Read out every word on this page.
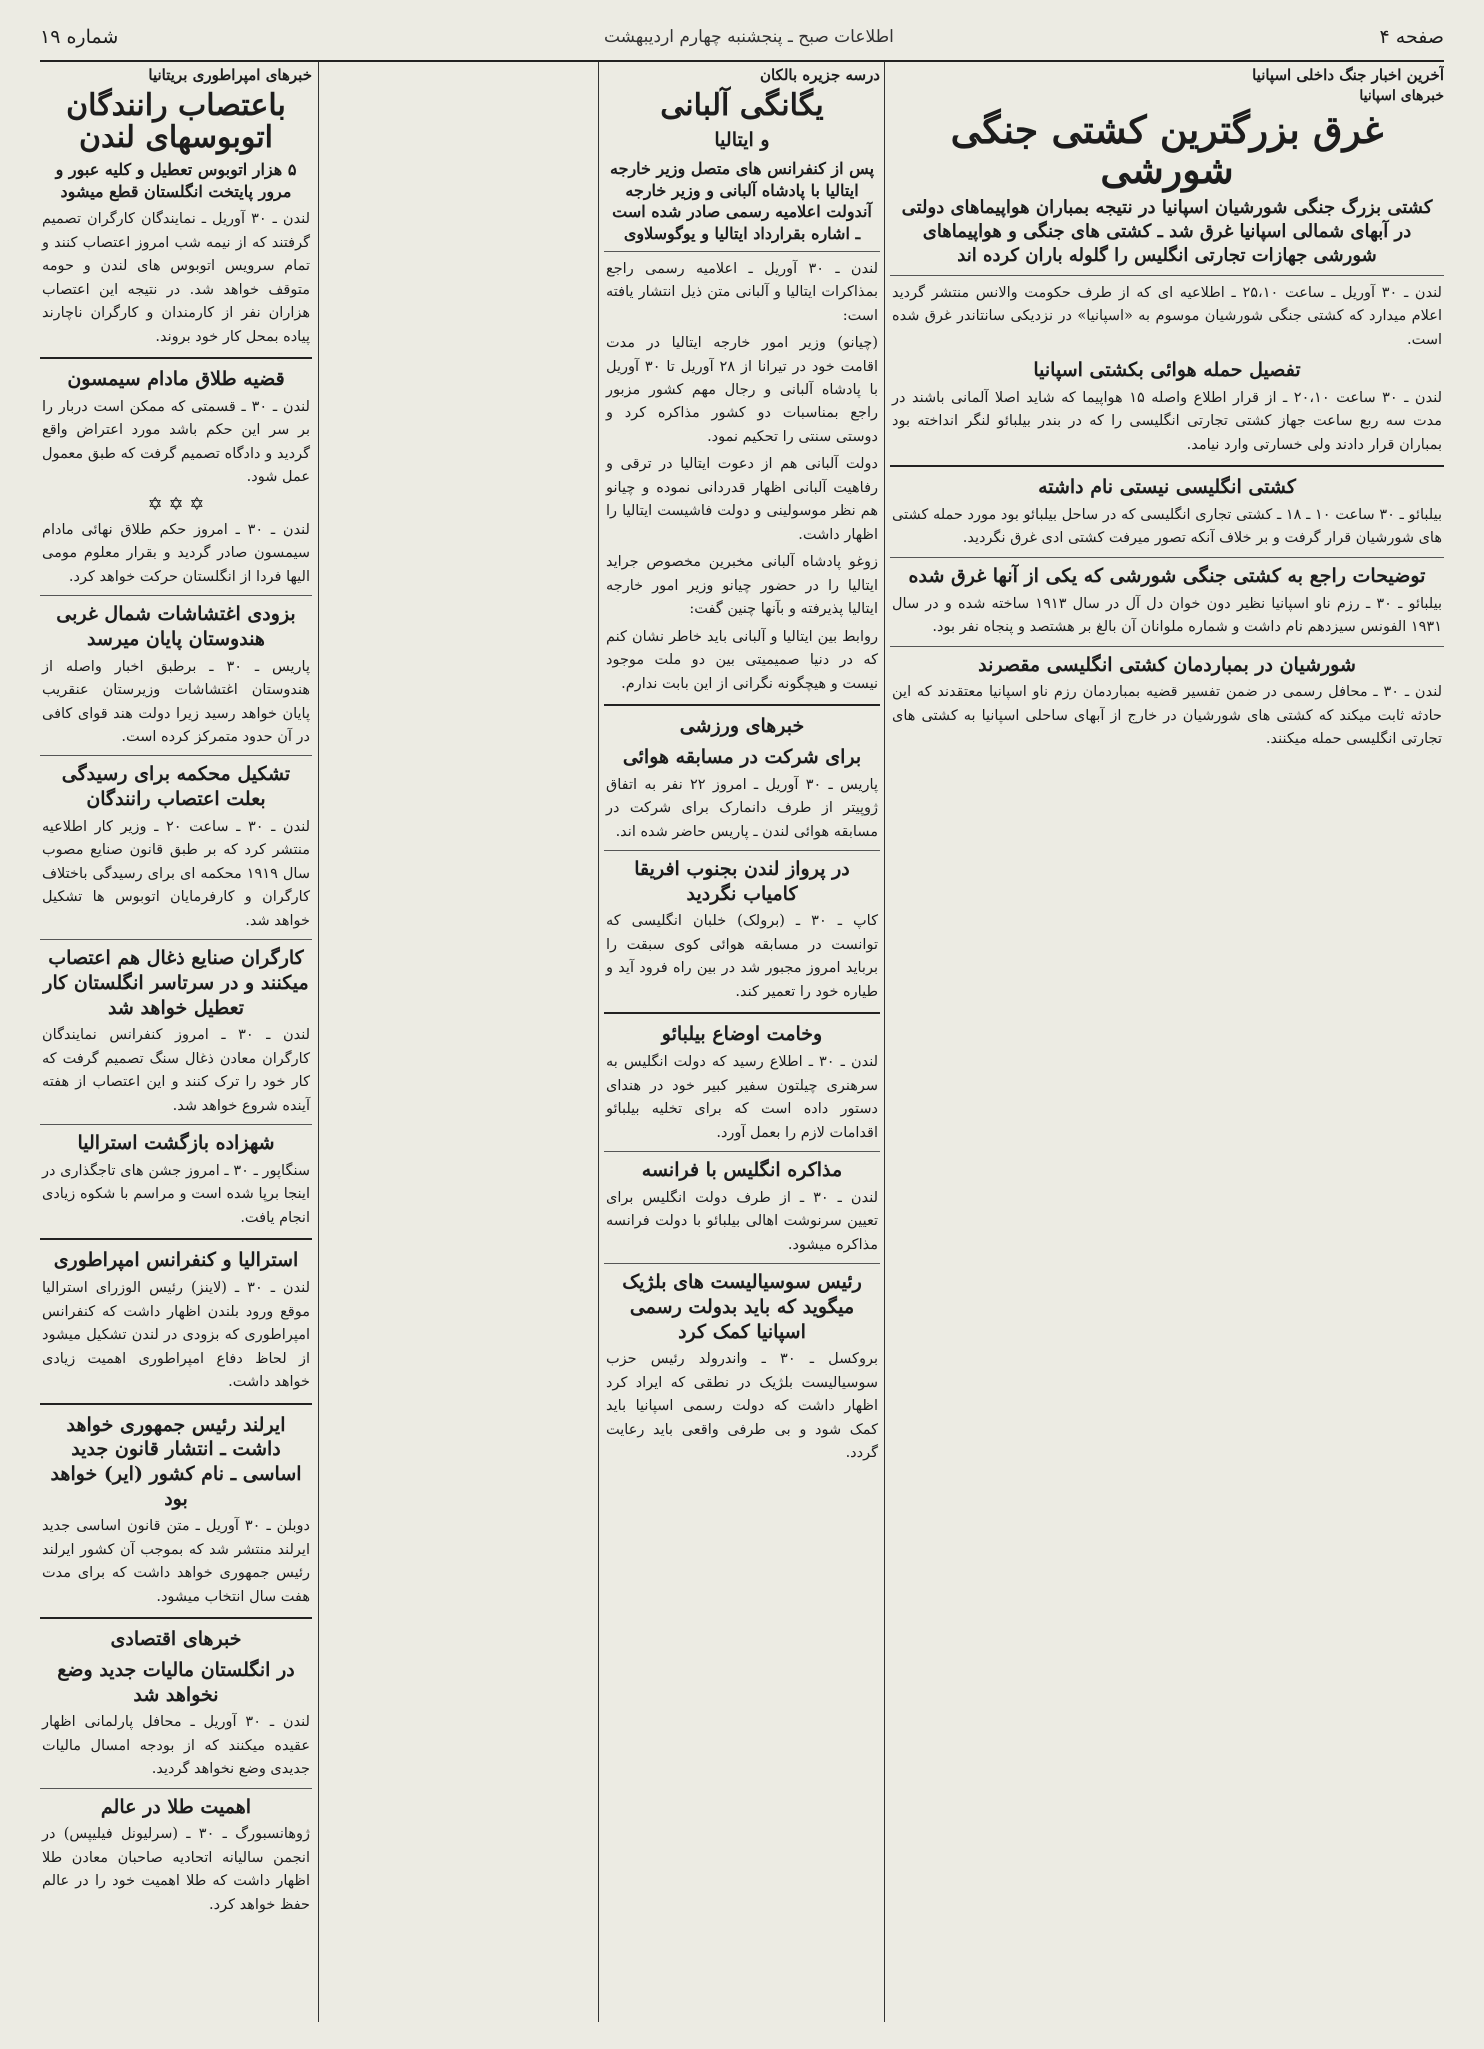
صفحه ۴
اطلاعات صبح ـ پنجشنبه چهارم اردیبهشت
شماره ۱۹
آخرین اخبار جنگ داخلی اسپانیا
خبرهای اسپانیا
غرق بزرگترین کشتی جنگی شورشی
کشتی بزرگ جنگی شورشیان اسپانیا در نتیجه بمباران هواپیماهای دولتی در آبهای شمالی اسپانیا غرق شد ـ کشتی های جنگی و هواپیماهای شورشی جهازات تجارتی انگلیس را گلوله باران کرده اند
لندن ـ ۳۰ آوریل ـ ساعت ۲۵،۱۰ ـ اطلاعیه ای که از طرف حکومت والانس منتشر گردید اعلام میدارد که کشتی جنگی شورشیان موسوم به «اسپانیا» در نزدیکی سانتاندر غرق شده است.
تفصیل حمله هوائی بکشتی اسپانیا
لندن ـ ۳۰ ساعت ۲۰،۱۰ ـ از قرار اطلاع واصله ۱۵ هواپیما که شاید اصلا آلمانی باشند در مدت سه ربع ساعت جهاز کشتی تجارتی انگلیسی را که در بندر بیلبائو لنگر انداخته بود بمباران قرار دادند ولی خسارتی وارد نیامد.
کشتی انگلیسی نیستی نام داشته
بیلبائو ـ ۳۰ ساعت ۱۰ ـ ۱۸ ـ کشتی تجاری انگلیسی که در ساحل بیلبائو بود مورد حمله کشتی های شورشیان قرار گرفت و بر خلاف آنکه تصور میرفت کشتی ادی غرق نگردید.
توضیحات راجع به کشتی جنگی شورشی که یکی از آنها غرق شده
بیلبائو ـ ۳۰ ـ رزم ناو اسپانیا نظیر دون خوان دل آل در سال ۱۹۱۳ ساخته شده و در سال ۱۹۳۱ الفونس سیزدهم نام داشت و شماره ملوانان آن بالغ بر هشتصد و پنجاه نفر بود.
شورشیان در بمباردمان کشتی انگلیسی مقصرند
لندن ـ ۳۰ ـ محافل رسمی در ضمن تفسیر قضیه بمباردمان رزم ناو اسپانیا معتقدند که این حادثه ثابت میکند که کشتی های شورشیان در خارج از آبهای ساحلی اسپانیا به کشتی های تجارتی انگلیسی حمله میکنند.
درسه جزیره بالکان
یگانگی آلبانی
و ایتالیا
پس از کنفرانس های متصل وزیر خارجه ایتالیا با پادشاه آلبانی و وزیر خارجه آندولت اعلامیه رسمی صادر شده است ـ اشاره بقرارداد ایتالیا و یوگوسلاوی
لندن ـ ۳۰ آوریل ـ اعلامیه رسمی راجع بمذاکرات ایتالیا و آلبانی متن ذیل انتشار یافته است:
(چیانو) وزیر امور خارجه ایتالیا در مدت اقامت خود در تیرانا از ۲۸ آوریل تا ۳۰ آوریل با پادشاه آلبانی و رجال مهم کشور مزبور راجع بمناسبات دو کشور مذاکره کرد و دوستی سنتی را تحکیم نمود.
دولت آلبانی هم از دعوت ایتالیا در ترقی و رفاهیت آلبانی اظهار قدردانی نموده و چیانو هم نظر موسولینی و دولت فاشیست ایتالیا را اظهار داشت.
زوغو پادشاه آلبانی مخبرین مخصوص جراید ایتالیا را در حضور چیانو وزیر امور خارجه ایتالیا پذیرفته و بآنها چنین گفت:
روابط بین ایتالیا و آلبانی باید خاطر نشان کنم که در دنیا صمیمیتی بین دو ملت موجود نیست و هیچگونه نگرانی از این بابت ندارم.
خبرهای ورزشی
برای شرکت در مسابقه هوائی
پاریس ـ ۳۰ آوریل ـ امروز ۲۲ نفر به اتفاق ژوپیتر از طرف دانمارک برای شرکت در مسابقه هوائی لندن ـ پاریس حاضر شده اند.
در پرواز لندن بجنوب افریقا کامیاب نگردید
کاپ ـ ۳۰ ـ (برولک) خلبان انگلیسی که توانست در مسابقه هوائی کوی سبقت را برباید امروز مجبور شد در بین راه فرود آید و طیاره خود را تعمیر کند.
وخامت اوضاع بیلبائو
لندن ـ ۳۰ ـ اطلاع رسید که دولت انگلیس به سرهنری چیلتون سفیر کبیر خود در هندای دستور داده است که برای تخلیه بیلبائو اقدامات لازم را بعمل آورد.
مذاکره انگلیس با فرانسه
لندن ـ ۳۰ ـ از طرف دولت انگلیس برای تعیین سرنوشت اهالی بیلبائو با دولت فرانسه مذاکره میشود.
رئیس سوسیالیست های بلژیک میگوید که باید بدولت رسمی اسپانیا کمک کرد
بروکسل ـ ۳۰ ـ واندرولد رئیس حزب سوسیالیست بلژیک در نطقی که ایراد کرد اظهار داشت که دولت رسمی اسپانیا باید کمک شود و بی طرفی واقعی باید رعایت گردد.
خبرهای امپراطوری بریتانیا
باعتصاب رانندگان اتوبوسهای لندن
۵ هزار اتوبوس تعطیل و کلیه عبور و مرور پایتخت انگلستان قطع میشود
لندن ـ ۳۰ آوریل ـ نمایندگان کارگران تصمیم گرفتند که از نیمه شب امروز اعتصاب کنند و تمام سرویس اتوبوس های لندن و حومه متوقف خواهد شد. در نتیجه این اعتصاب هزاران نفر از کارمندان و کارگران ناچارند پیاده بمحل کار خود بروند.
قضیه طلاق مادام سیمسون
لندن ـ ۳۰ ـ قسمتی که ممکن است دربار را بر سر این حکم باشد مورد اعتراض واقع گردید و دادگاه تصمیم گرفت که طبق معمول عمل شود.
✡ ✡ ✡
لندن ـ ۳۰ ـ امروز حکم طلاق نهائی مادام سیمسون صادر گردید و بقرار معلوم مومی الیها فردا از انگلستان حرکت خواهد کرد.
بزودی اغتشاشات شمال غربی هندوستان پایان میرسد
پاریس ـ ۳۰ ـ برطبق اخبار واصله از هندوستان اغتشاشات وزیرستان عنقریب پایان خواهد رسید زیرا دولت هند قوای کافی در آن حدود متمرکز کرده است.
تشکیل محکمه برای رسیدگی بعلت اعتصاب رانندگان
لندن ـ ۳۰ ـ ساعت ۲۰ ـ وزیر کار اطلاعیه منتشر کرد که بر طبق قانون صنایع مصوب سال ۱۹۱۹ محکمه ای برای رسیدگی باختلاف کارگران و کارفرمایان اتوبوس ها تشکیل خواهد شد.
کارگران صنایع ذغال هم اعتصاب میکنند و در سرتاسر انگلستان کار تعطیل خواهد شد
لندن ـ ۳۰ ـ امروز کنفرانس نمایندگان کارگران معادن ذغال سنگ تصمیم گرفت که کار خود را ترک کنند و این اعتصاب از هفته آینده شروع خواهد شد.
شهزاده بازگشت استرالیا
سنگاپور ـ ۳۰ ـ امروز جشن های تاجگذاری در اینجا برپا شده است و مراسم با شکوه زیادی انجام یافت.
استرالیا و کنفرانس امپراطوری
لندن ـ ۳۰ ـ (لاینز) رئیس الوزرای استرالیا موقع ورود بلندن اظهار داشت که کنفرانس امپراطوری که بزودی در لندن تشکیل میشود از لحاظ دفاع امپراطوری اهمیت زیادی خواهد داشت.
ایرلند رئیس جمهوری خواهد داشت ـ انتشار قانون جدید اساسی ـ نام کشور (ایر) خواهد بود
دوبلن ـ ۳۰ آوریل ـ متن قانون اساسی جدید ایرلند منتشر شد که بموجب آن کشور ایرلند رئیس جمهوری خواهد داشت که برای مدت هفت سال انتخاب میشود.
خبرهای اقتصادی
در انگلستان مالیات جدید وضع نخواهد شد
لندن ـ ۳۰ آوریل ـ محافل پارلمانی اظهار عقیده میکنند که از بودجه امسال مالیات جدیدی وضع نخواهد گردید.
اهمیت طلا در عالم
ژوهانسبورگ ـ ۳۰ ـ (سرلیونل فیلیپس) در انجمن سالیانه اتحادیه صاحبان معادن طلا اظهار داشت که طلا اهمیت خود را در عالم حفظ خواهد کرد.
